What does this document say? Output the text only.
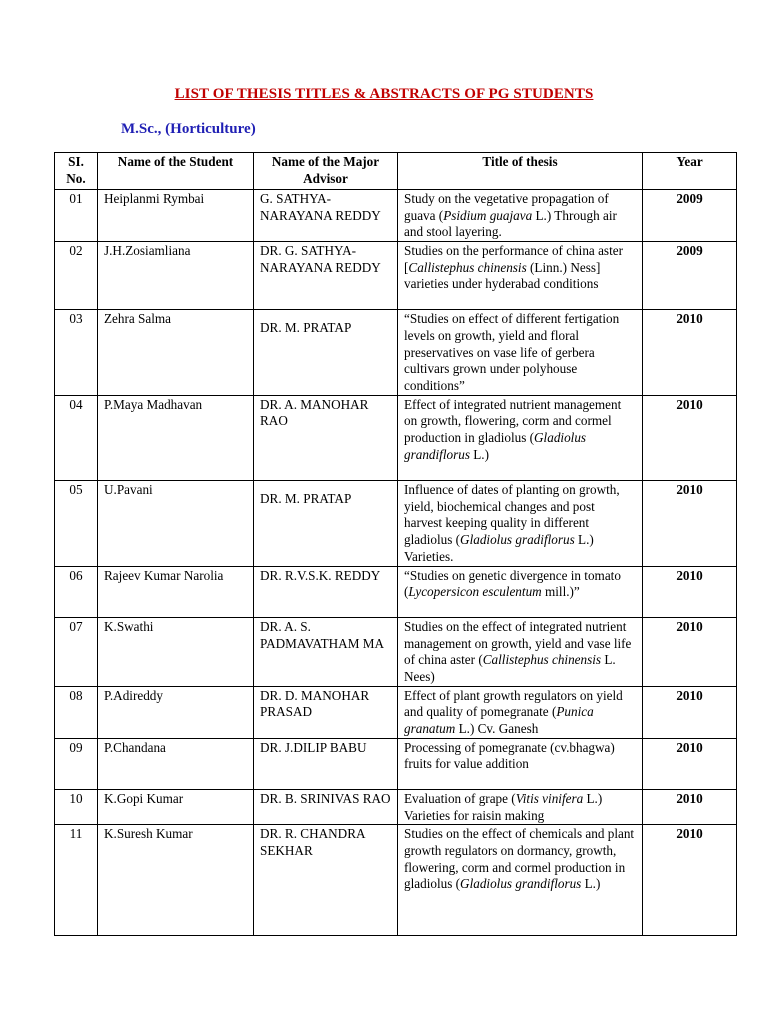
LIST OF THESIS TITLES & ABSTRACTS OF PG STUDENTS
M.Sc., (Horticulture)
SI. No.	Name of the Student	Name of the Major Advisor	Title of thesis	Year
01	Heiplanmi Rymbai	G. SATHYA-NARAYANA REDDY	Study on the vegetative propagation of guava (Psidium guajava L.) Through air and stool layering.	2009
02	J.H.Zosiamliana	DR. G. SATHYA-NARAYANA REDDY	Studies on the performance of china aster [Callistephus chinensis (Linn.) Ness] varieties under hyderabad conditions	2009
03	Zehra Salma	DR. M. PRATAP	“Studies on effect of different fertigation levels on growth, yield and floral preservatives on vase life of gerbera cultivars grown under polyhouse conditions”	2010
04	P.Maya Madhavan	DR. A. MANOHAR RAO	Effect of integrated nutrient management on growth, flowering, corm and cormel production in gladiolus (Gladiolus grandiflorus L.)	2010
05	U.Pavani	DR. M. PRATAP	Influence of dates of planting on growth, yield, biochemical changes and post harvest keeping quality in different gladiolus (Gladiolus gradiflorus L.) Varieties.	2010
06	Rajeev Kumar Narolia	DR. R.V.S.K. REDDY	“Studies on genetic divergence in tomato (Lycopersicon esculentum mill.)”	2010
07	K.Swathi	DR. A. S. PADMAVATHAM MA	Studies on the effect of integrated nutrient management on growth, yield and vase life of china aster (Callistephus chinensis L. Nees)	2010
08	P.Adireddy	DR. D. MANOHAR PRASAD	Effect of plant growth regulators on yield and quality of pomegranate (Punica granatum L.) Cv. Ganesh	2010
09	P.Chandana	DR. J.DILIP BABU	Processing of pomegranate (cv.bhagwa) fruits for value addition	2010
10	K.Gopi Kumar	DR. B. SRINIVAS RAO	Evaluation of grape (Vitis vinifera L.) Varieties for raisin making	2010
11	K.Suresh Kumar	DR. R. CHANDRA SEKHAR	Studies on the effect of chemicals and plant growth regulators on dormancy, growth, flowering, corm and cormel production in gladiolus (Gladiolus grandiflorus L.)	2010
